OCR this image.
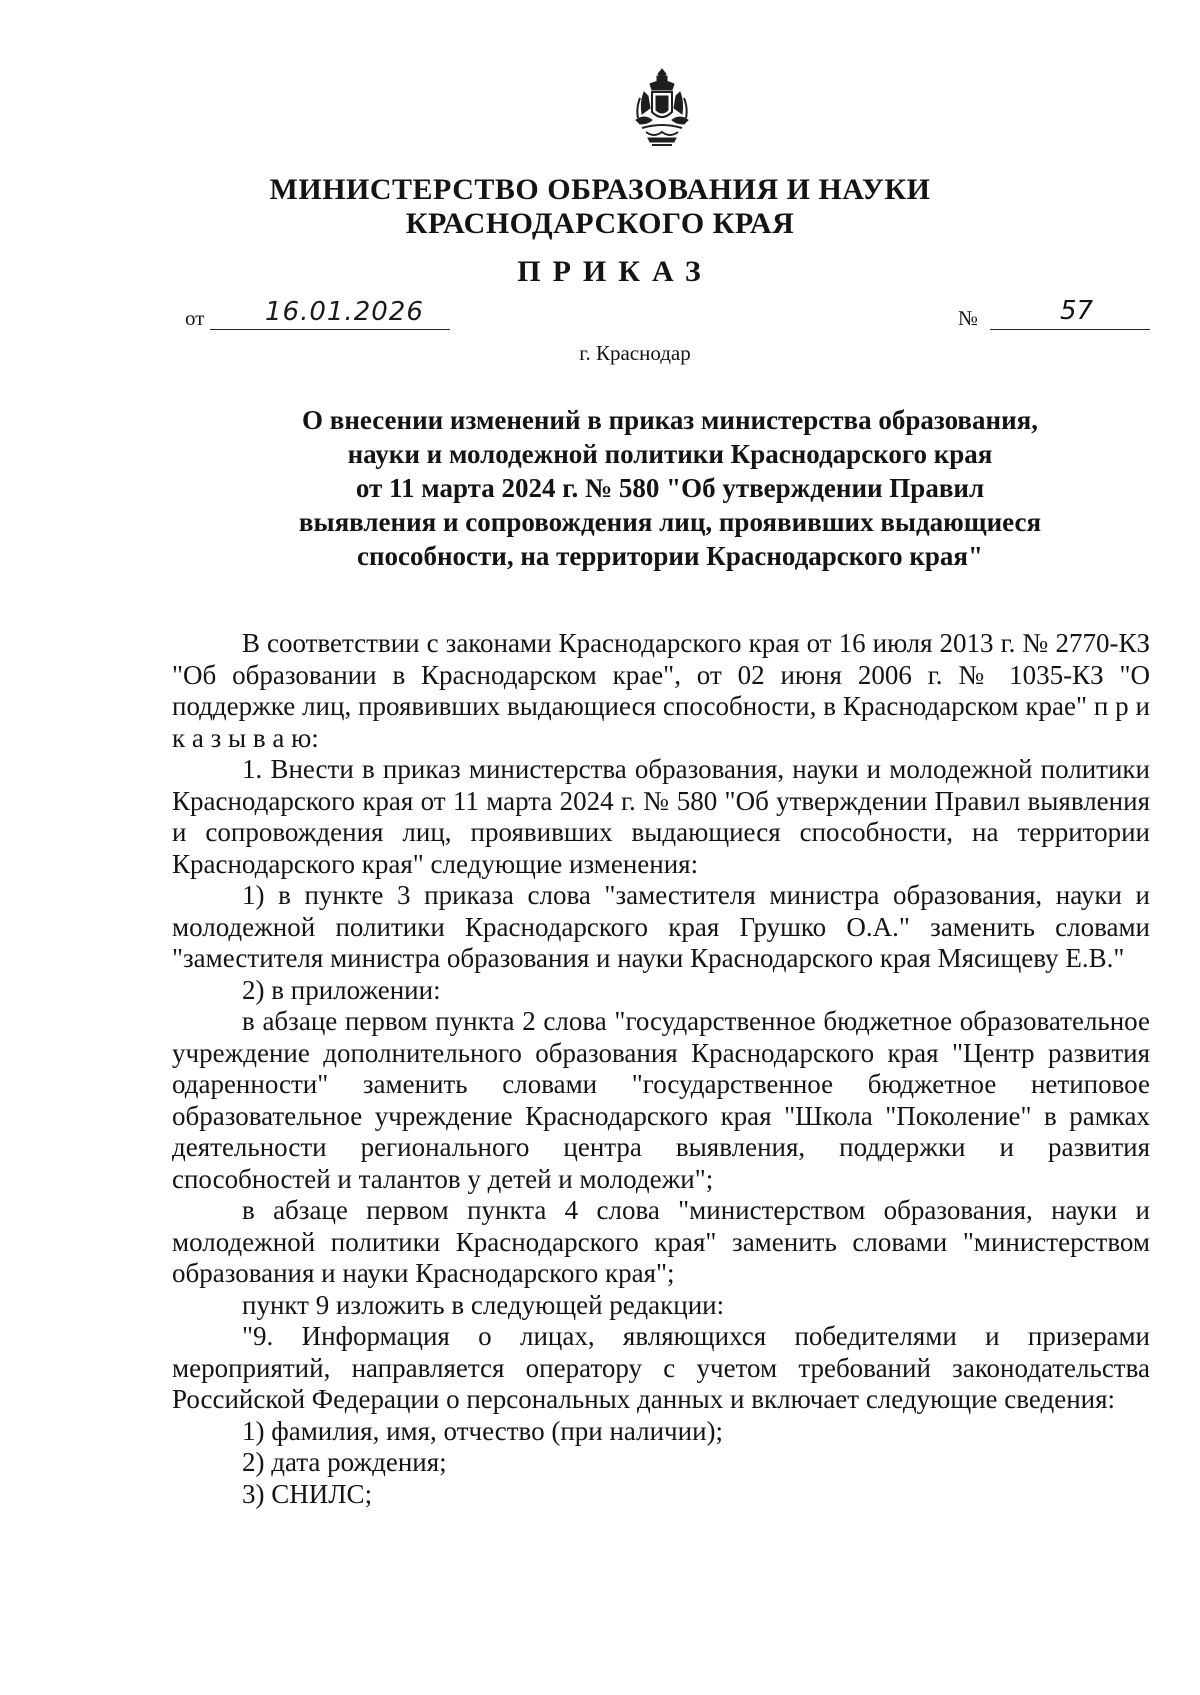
МИНИСТЕРСТВО ОБРАЗОВАНИЯ И НАУКИ
КРАСНОДАРСКОГО КРАЯ
ПРИКАЗ
от 16.01.2026	№	57
г. Краснодар
О внесении изменений в приказ министерства образования,
науки и молодежной политики Краснодарского края
от 11 марта 2024 г. № 580 "Об утверждении Правил
выявления и сопровождения лиц, проявивших выдающиеся
способности, на территории Краснодарского края"

В соответствии с законами Краснодарского края от 16 июля 2013 г. № 2770-КЗ "Об образовании в Краснодарском крае", от 02 июня 2006 г. № 1035-КЗ "О поддержке лиц, проявивших выдающиеся способности, в Краснодарском крае" п р и к а з ы в а ю:

1. Внести в приказ министерства образования, науки и молодежной политики Краснодарского края от 11 марта 2024 г. № 580 "Об утверждении Правил выявления и сопровождения лиц, проявивших выдающиеся способности, на территории Краснодарского края" следующие изменения:

1) в пункте 3 приказа слова "заместителя министра образования, науки и молодежной политики Краснодарского края Грушко О.А." заменить словами "заместителя министра образования и науки Краснодарского края Мясищеву Е.В."

2) в приложении:

в абзаце первом пункта 2 слова "государственное бюджетное образовательное учреждение дополнительного образования Краснодарского края "Центр развития одаренности" заменить словами "государственное бюджетное нетиповое образовательное учреждение Краснодарского края "Школа "Поколение" в рамках деятельности регионального центра выявления, поддержки и развития способностей и талантов у детей и молодежи";

в абзаце первом пункта 4 слова "министерством образования, науки и молодежной политики Краснодарского края" заменить словами "министерством образования и науки Краснодарского края";

пункт 9 изложить в следующей редакции:

"9. Информация о лицах, являющихся победителями и призерами мероприятий, направляется оператору с учетом требований законодательства Российской Федерации о персональных данных и включает следующие сведения:

1) фамилия, имя, отчество (при наличии);

2) дата рождения;

3) СНИЛС;
